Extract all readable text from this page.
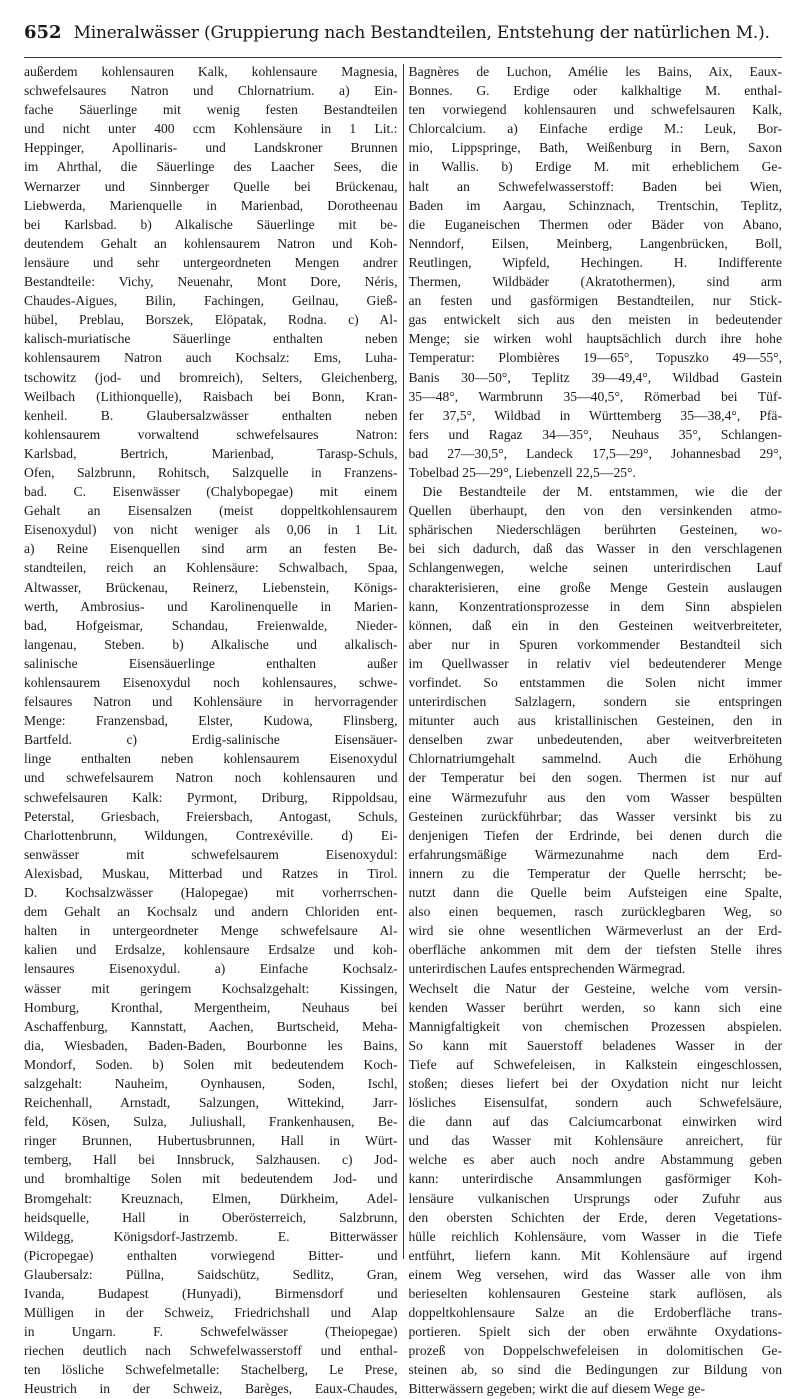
652 Mineralwässer (Gruppierung nach Bestandteilen, Entstehung der natürlichen M.).
außerdem kohlensauren Kalk, kohlensaure Magnesia,
schwefelsaures Natron und Chlornatrium. a) Ein-
fache Säuerlinge mit wenig festen Bestandteilen
und nicht unter 400 ccm Kohlensäure in 1 Lit.:
Heppinger, Apollinaris- und Landskroner Brunnen
im Ahrthal, die Säuerlinge des Laacher Sees, die
Wernarzer und Sinnberger Quelle bei Brückenau,
Liebwerda, Marienquelle in Marienbad, Dorotheenau
bei Karlsbad. b) Alkalische Säuerlinge mit be-
deutendem Gehalt an kohlensaurem Natron und Koh-
lensäure und sehr untergeordneten Mengen andrer
Bestandteile: Vichy, Neuenahr, Mont Dore, Néris,
Chaudes-Aigues, Bilin, Fachingen, Geilnau, Gieß-
hübel, Preblau, Borszek, Elöpatak, Rodna. c) Al-
kalisch-muriatische Säuerlinge enthalten neben
kohlensaurem Natron auch Kochsalz: Ems, Luha-
tschowitz (jod- und bromreich), Selters, Gleichenberg,
Weilbach (Lithionquelle), Raisbach bei Bonn, Kran-
kenheil. B. Glaubersalzwässer enthalten neben
kohlensaurem vorwaltend schwefelsaures Natron:
Karlsbad, Bertrich, Marienbad, Tarasp-Schuls,
Ofen, Salzbrunn, Rohitsch, Salzquelle in Franzens-
bad. C. Eisenwässer (Chalybopegae) mit einem
Gehalt an Eisensalzen (meist doppeltkohlensaurem
Eisenoxydul) von nicht weniger als 0,06 in 1 Lit.
a) Reine Eisenquellen sind arm an festen Be-
standteilen, reich an Kohlensäure: Schwalbach, Spaa,
Altwasser, Brückenau, Reinerz, Liebenstein, Königs-
werth, Ambrosius- und Karolinenquelle in Marien-
bad, Hofgeismar, Schandau, Freienwalde, Nieder-
langenau, Steben. b) Alkalische und alkalisch-
salinische Eisensäuerlinge enthalten außer
kohlensaurem Eisenoxydul noch kohlensaures, schwe-
felsaures Natron und Kohlensäure in hervorragender
Menge: Franzensbad, Elster, Kudowa, Flinsberg,
Bartfeld. c) Erdig-salinische Eisensäuer-
linge enthalten neben kohlensaurem Eisenoxydul
und schwefelsaurem Natron noch kohlensauren und
schwefelsauren Kalk: Pyrmont, Driburg, Rippoldsau,
Peterstal, Griesbach, Freiersbach, Antogast, Schuls,
Charlottenbrunn, Wildungen, Contrexéville. d) Ei-
senwässer mit schwefelsaurem Eisenoxydul:
Alexisbad, Muskau, Mitterbad und Ratzes in Tirol.
D. Kochsalzwässer (Halopegae) mit vorherrschen-
dem Gehalt an Kochsalz und andern Chloriden ent-
halten in untergeordneter Menge schwefelsaure Al-
kalien und Erdsalze, kohlensaure Erdsalze und koh-
lensaures Eisenoxydul. a) Einfache Kochsalz-
wässer mit geringem Kochsalzgehalt: Kissingen,
Homburg, Kronthal, Mergentheim, Neuhaus bei
Aschaffenburg, Kannstatt, Aachen, Burtscheid, Meha-
dia, Wiesbaden, Baden-Baden, Bourbonne les Bains,
Mondorf, Soden. b) Solen mit bedeutendem Koch-
salzgehalt: Nauheim, Oynhausen, Soden, Ischl,
Reichenhall, Arnstadt, Salzungen, Wittekind, Jarr-
feld, Kösen, Sulza, Juliushall, Frankenhausen, Be-
ringer Brunnen, Hubertusbrunnen, Hall in Würt-
temberg, Hall bei Innsbruck, Salzhausen. c) Jod-
und bromhaltige Solen mit bedeutendem Jod- und
Bromgehalt: Kreuznach, Elmen, Dürkheim, Adel-
heidsquelle, Hall in Oberösterreich, Salzbrunn,
Wildegg, Königsdorf-Jastrzemb. E. Bitterwässer
(Picropegae) enthalten vorwiegend Bitter- und
Glaubersalz: Püllna, Saidschütz, Sedlitz, Gran,
Ivanda, Budapest (Hunyadi), Birmensdorf und
Mülligen in der Schweiz, Friedrichshall und Alap
in Ungarn. F. Schwefelwässer (Theiopegae)
riechen deutlich nach Schwefelwasserstoff und enthal-
ten lösliche Schwefelmetalle: Stachelberg, Le Prese,
Heustrich in der Schweiz, Barèges, Eaux-Chaudes,
Bagnères de Luchon, Amélie les Bains, Aix, Eaux-
Bonnes. G. Erdige oder kalkhaltige M. enthal-
ten vorwiegend kohlensauren und schwefelsauren Kalk,
Chlorcalcium. a) Einfache erdige M.: Leuk, Bor-
mio, Lippspringe, Bath, Weißenburg in Bern, Saxon
in Wallis. b) Erdige M. mit erheblichem Ge-
halt an Schwefelwasserstoff: Baden bei Wien,
Baden im Aargau, Schinznach, Trentschin, Teplitz,
die Euganeischen Thermen oder Bäder von Abano,
Nenndorf, Eilsen, Meinberg, Langenbrücken, Boll,
Reutlingen, Wipfeld, Hechingen. H. Indifferente
Thermen, Wildbäder (Akratothermen), sind arm
an festen und gasförmigen Bestandteilen, nur Stick-
gas entwickelt sich aus den meisten in bedeutender
Menge; sie wirken wohl hauptsächlich durch ihre hohe
Temperatur: Plombières 19—65°, Topuszko 49—55°,
Banis 30—50°, Teplitz 39—49,4°, Wildbad Gastein
35—48°, Warmbrunn 35—40,5°, Römerbad bei Tüf-
fer 37,5°, Wildbad in Württemberg 35—38,4°, Pfä-
fers und Ragaz 34—35°, Neuhaus 35°, Schlangen-
bad 27—30,5°, Landeck 17,5—29°, Johannesbad 29°,
Tobelbad 25—29°, Liebenzell 22,5—25°.
Die Bestandteile der M. entstammen, wie die der
Quellen überhaupt, den von den versinkenden atmo-
sphärischen Niederschlägen berührten Gesteinen, wo-
bei sich dadurch, daß das Wasser in den verschlagenen
Schlangenwegen, welche seinen unterirdischen Lauf
charakterisieren, eine große Menge Gestein auslaugen
kann, Konzentrationsprozesse in dem Sinn abspielen
können, daß ein in den Gesteinen weitverbreiteter,
aber nur in Spuren vorkommender Bestandteil sich
im Quellwasser in relativ viel bedeutenderer Menge
vorfindet. So entstammen die Solen nicht immer
unterirdischen Salzlagern, sondern sie entspringen
mitunter auch aus kristallinischen Gesteinen, den in
denselben zwar unbedeutenden, aber weitverbreiteten
Chlornatriumgehalt sammelnd. Auch die Erhöhung
der Temperatur bei den sogen. Thermen ist nur auf
eine Wärmezufuhr aus den vom Wasser bespülten
Gesteinen zurückführbar; das Wasser versinkt bis zu
denjenigen Tiefen der Erdrinde, bei denen durch die
erfahrungsmäßige Wärmezunahme nach dem Erd-
innern zu die Temperatur der Quelle herrscht; be-
nutzt dann die Quelle beim Aufsteigen eine Spalte,
also einen bequemen, rasch zurücklegbaren Weg, so
wird sie ohne wesentlichen Wärmeverlust an der Erd-
oberfläche ankommen mit dem der tiefsten Stelle ihres
unterirdischen Laufes entsprechenden Wärmegrad.
Wechselt die Natur der Gesteine, welche vom versin-
kenden Wasser berührt werden, so kann sich eine
Mannigfaltigkeit von chemischen Prozessen abspielen.
So kann mit Sauerstoff beladenes Wasser in der
Tiefe auf Schwefeleisen, in Kalkstein eingeschlossen,
stoßen; dieses liefert bei der Oxydation nicht nur leicht
lösliches Eisensulfat, sondern auch Schwefelsäure,
die dann auf das Calciumcarbonat einwirken wird
und das Wasser mit Kohlensäure anreichert, für
welche es aber auch noch andre Abstammung geben
kann: unterirdische Ansammlungen gasförmiger Koh-
lensäure vulkanischen Ursprungs oder Zufuhr aus
den obersten Schichten der Erde, deren Vegetations-
hülle reichlich Kohlensäure, vom Wasser in die Tiefe
entführt, liefern kann. Mit Kohlensäure auf irgend
einem Weg versehen, wird das Wasser alle von ihm
berieselten kohlensauren Gesteine stark auflösen, als
doppeltkohlensaure Salze an die Erdoberfläche trans-
portieren. Spielt sich der oben erwähnte Oxydations-
prozeß von Doppelschwefeleisen in dolomitischen Ge-
steinen ab, so sind die Bedingungen zur Bildung von
Bitterwässern gegeben; wirkt die auf diesem Wege ge-
